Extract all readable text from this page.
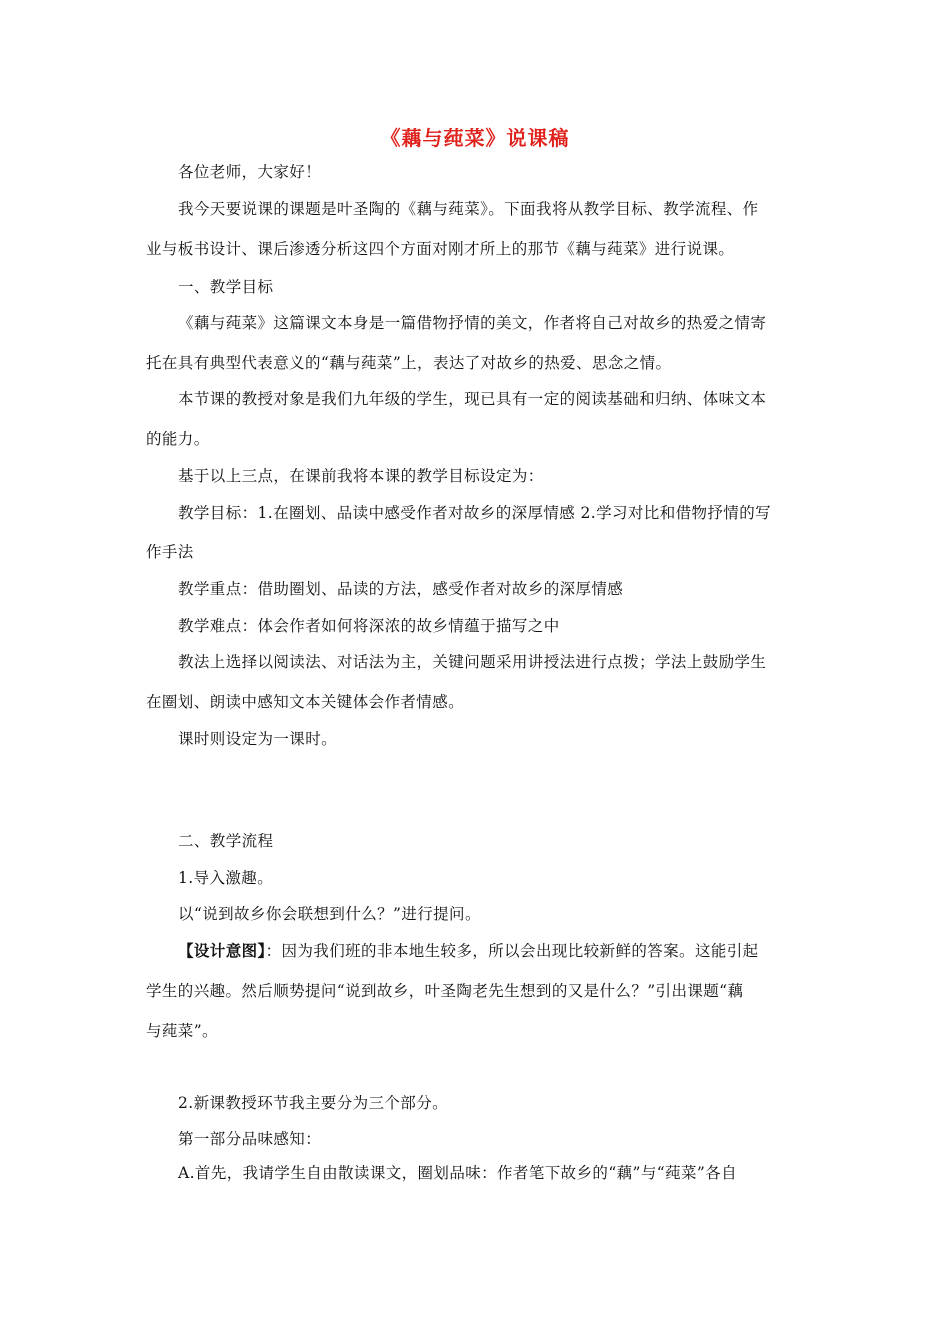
《藕与莼菜》说课稿
各位老师，大家好！
我今天要说课的课题是叶圣陶的《藕与莼菜》。下面我将从教学目标、教学流程、作
业与板书设计、课后渗透分析这四个方面对刚才所上的那节《藕与莼菜》进行说课。
一、教学目标
《藕与莼菜》这篇课文本身是一篇借物抒情的美文，作者将自己对故乡的热爱之情寄
托在具有典型代表意义的“藕与莼菜”上，表达了对故乡的热爱、思念之情。
本节课的教授对象是我们九年级的学生，现已具有一定的阅读基础和归纳、体味文本
的能力。
基于以上三点，在课前我将本课的教学目标设定为：
教学目标：1.在圈划、品读中感受作者对故乡的深厚情感 2.学习对比和借物抒情的写
作手法
教学重点：借助圈划、品读的方法，感受作者对故乡的深厚情感
教学难点：体会作者如何将深浓的故乡情蕴于描写之中
教法上选择以阅读法、对话法为主，关键问题采用讲授法进行点拨；学法上鼓励学生
在圈划、朗读中感知文本关键体会作者情感。
课时则设定为一课时。
二、教学流程
1.导入激趣。
以“说到故乡你会联想到什么？”进行提问。
【设计意图】：因为我们班的非本地生较多，所以会出现比较新鲜的答案。这能引起
学生的兴趣。然后顺势提问“说到故乡，叶圣陶老先生想到的又是什么？”引出课题“藕
与莼菜”。
2.新课教授环节我主要分为三个部分。
第一部分品味感知：
A.首先，我请学生自由散读课文，圈划品味：作者笔下故乡的“藕”与“莼菜”各自
